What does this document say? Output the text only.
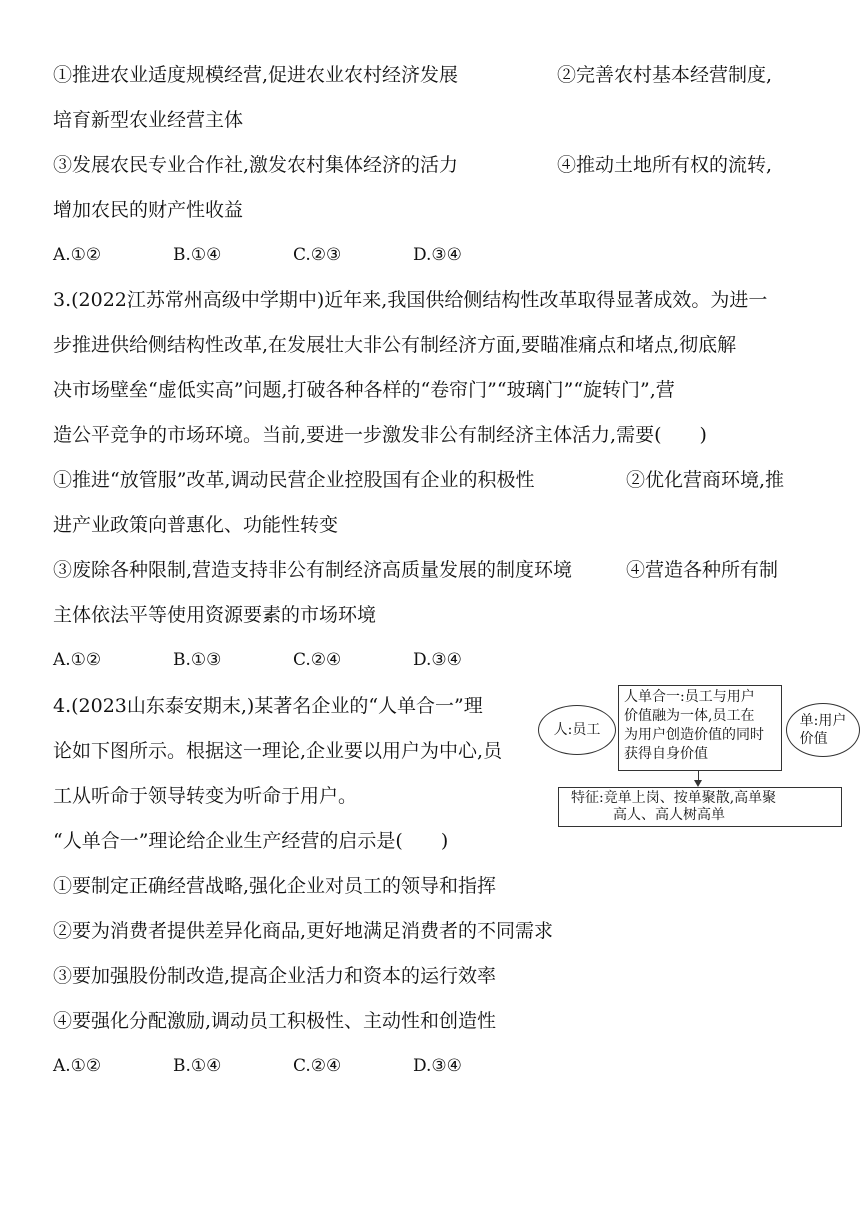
①推进农业适度规模经营,促进农业农村经济发展	②完善农村基本经营制度,
培育新型农业经营主体
③发展农民专业合作社,激发农村集体经济的活力	④推动土地所有权的流转,
增加农民的财产性收益
A.①②	B.①④	C.②③	D.③④
3.(2022江苏常州高级中学期中)近年来,我国供给侧结构性改革取得显著成效。为进一
步推进供给侧结构性改革,在发展壮大非公有制经济方面,要瞄准痛点和堵点,彻底解
决市场壁垒“虚低实高”问题,打破各种各样的“卷帘门”“玻璃门”“旋转门”,营
造公平竞争的市场环境。当前,要进一步激发非公有制经济主体活力,需要(　　)
①推进“放管服”改革,调动民营企业控股国有企业的积极性	②优化营商环境,推
进产业政策向普惠化、功能性转变
③废除各种限制,营造支持非公有制经济高质量发展的制度环境	④营造各种所有制
主体依法平等使用资源要素的市场环境
A.①②	B.①③	C.②④	D.③④
4.(2023山东泰安期末,)某著名企业的“人单合一”理
论如下图所示。根据这一理论,企业要以用户为中心,员
工从听命于领导转变为听命于用户。
“人单合一”理论给企业生产经营的启示是(　　)
人:员工
人单合一:员工与用户
价值融为一体,员工在
为用户创造价值的同时
获得自身价值
单:用户
价值
特征:竞单上岗、按单聚散,高单聚
高人、高人树高单
①要制定正确经营战略,强化企业对员工的领导和指挥
②要为消费者提供差异化商品,更好地满足消费者的不同需求
③要加强股份制改造,提高企业活力和资本的运行效率
④要强化分配激励,调动员工积极性、主动性和创造性
A.①②	B.①④	C.②④	D.③④
